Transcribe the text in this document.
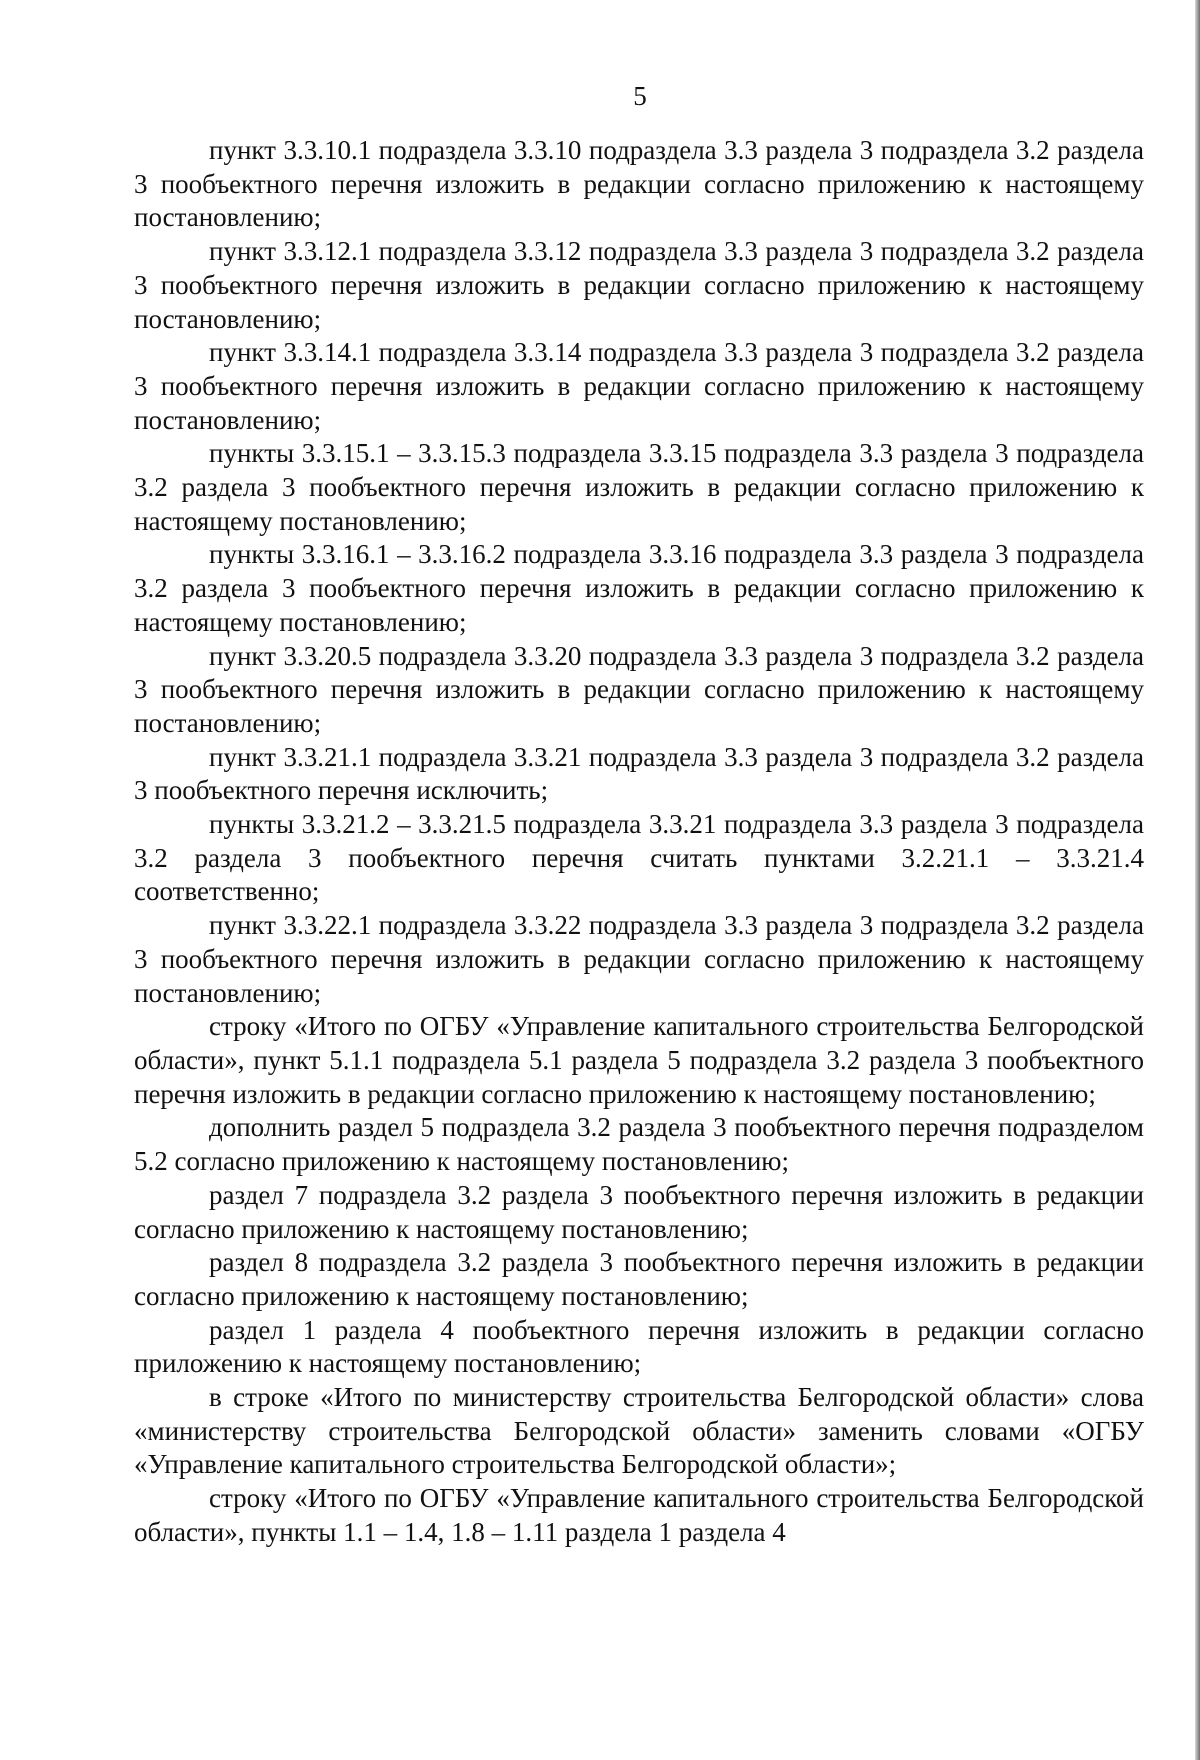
5

пункт 3.3.10.1 подраздела 3.3.10 подраздела 3.3 раздела 3 подраздела 3.2 раздела 3 пообъектного перечня изложить в редакции согласно приложению к настоящему постановлению;

пункт 3.3.12.1 подраздела 3.3.12 подраздела 3.3 раздела 3 подраздела 3.2 раздела 3 пообъектного перечня изложить в редакции согласно приложению к настоящему постановлению;

пункт 3.3.14.1 подраздела 3.3.14 подраздела 3.3 раздела 3 подраздела 3.2 раздела 3 пообъектного перечня изложить в редакции согласно приложению к настоящему постановлению;

пункты 3.3.15.1 – 3.3.15.3 подраздела 3.3.15 подраздела 3.3 раздела 3 подраздела 3.2 раздела 3 пообъектного перечня изложить в редакции согласно приложению к настоящему постановлению;

пункты 3.3.16.1 – 3.3.16.2 подраздела 3.3.16 подраздела 3.3 раздела 3 подраздела 3.2 раздела 3 пообъектного перечня изложить в редакции согласно приложению к настоящему постановлению;

пункт 3.3.20.5 подраздела 3.3.20 подраздела 3.3 раздела 3 подраздела 3.2 раздела 3 пообъектного перечня изложить в редакции согласно приложению к настоящему постановлению;

пункт 3.3.21.1 подраздела 3.3.21 подраздела 3.3 раздела 3 подраздела 3.2 раздела 3 пообъектного перечня исключить;

пункты 3.3.21.2 – 3.3.21.5 подраздела 3.3.21 подраздела 3.3 раздела 3 подраздела 3.2 раздела 3 пообъектного перечня считать пунктами 3.2.21.1 – 3.3.21.4 соответственно;

пункт 3.3.22.1 подраздела 3.3.22 подраздела 3.3 раздела 3 подраздела 3.2 раздела 3 пообъектного перечня изложить в редакции согласно приложению к настоящему постановлению;

строку «Итого по ОГБУ «Управление капитального строительства Белгородской области», пункт 5.1.1 подраздела 5.1 раздела 5 подраздела 3.2 раздела 3 пообъектного перечня изложить в редакции согласно приложению к настоящему постановлению;

дополнить раздел 5 подраздела 3.2 раздела 3 пообъектного перечня подразделом 5.2 согласно приложению к настоящему постановлению;

раздел 7 подраздела 3.2 раздела 3 пообъектного перечня изложить в редакции согласно приложению к настоящему постановлению;

раздел 8 подраздела 3.2 раздела 3 пообъектного перечня изложить в редакции согласно приложению к настоящему постановлению;

раздел 1 раздела 4 пообъектного перечня изложить в редакции согласно приложению к настоящему постановлению;

в строке «Итого по министерству строительства Белгородской области» слова «министерству строительства Белгородской области» заменить словами «ОГБУ «Управление капитального строительства Белгородской области»;

строку «Итого по ОГБУ «Управление капитального строительства Белгородской области», пункты 1.1 – 1.4, 1.8 – 1.11 раздела 1 раздела 4
